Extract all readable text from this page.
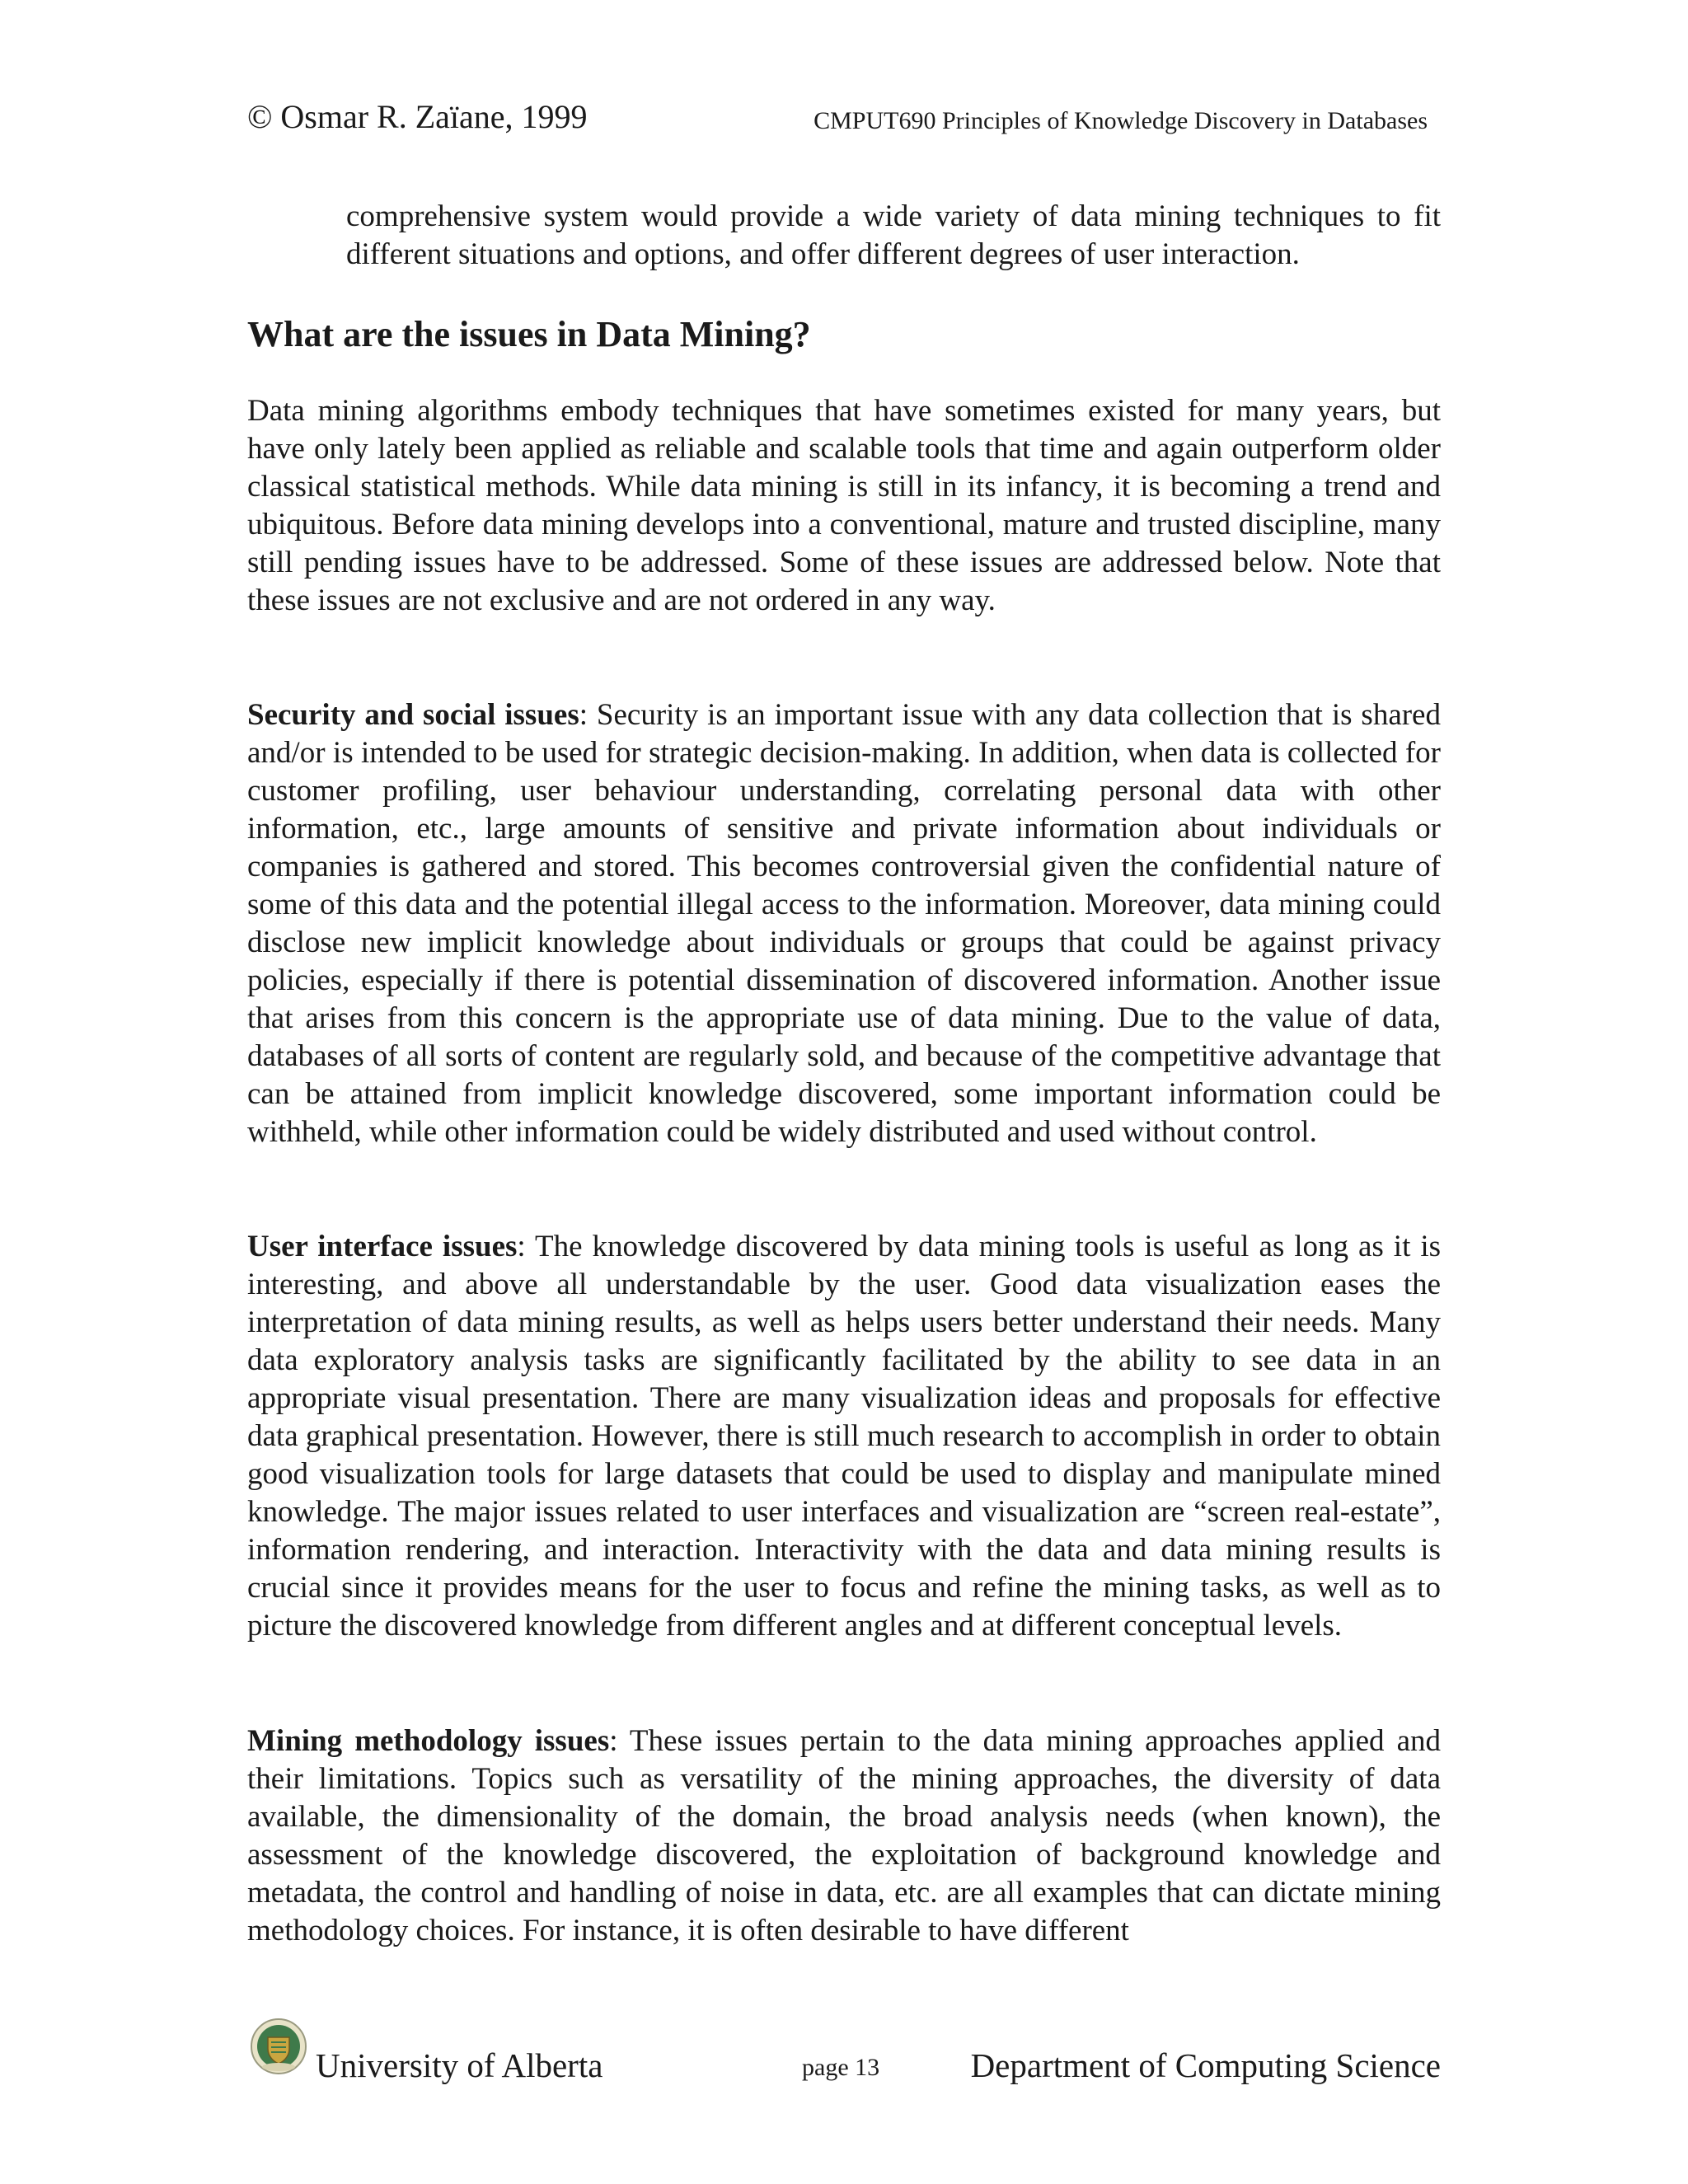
© Osmar R. Zaïane, 1999	CMPUT690 Principles of Knowledge Discovery in Databases

comprehensive system would provide a wide variety of data mining techniques to fit different situations and options, and offer different degrees of user interaction.

What are the issues in Data Mining?

Data mining algorithms embody techniques that have sometimes existed for many years, but have only lately been applied as reliable and scalable tools that time and again outperform older classical statistical methods. While data mining is still in its infancy, it is becoming a trend and ubiquitous. Before data mining develops into a conventional, mature and trusted discipline, many still pending issues have to be addressed. Some of these issues are addressed below. Note that these issues are not exclusive and are not ordered in any way.

Security and social issues: Security is an important issue with any data collection that is shared and/or is intended to be used for strategic decision-making. In addition, when data is collected for customer profiling, user behaviour understanding, correlating personal data with other information, etc., large amounts of sensitive and private information about individuals or companies is gathered and stored. This becomes controversial given the confidential nature of some of this data and the potential illegal access to the information. Moreover, data mining could disclose new implicit knowledge about individuals or groups that could be against privacy policies, especially if there is potential dissemination of discovered information. Another issue that arises from this concern is the appropriate use of data mining. Due to the value of data, databases of all sorts of content are regularly sold, and because of the competitive advantage that can be attained from implicit knowledge discovered, some important information could be withheld, while other information could be widely distributed and used without control.

User interface issues: The knowledge discovered by data mining tools is useful as long as it is interesting, and above all understandable by the user. Good data visualization eases the interpretation of data mining results, as well as helps users better understand their needs. Many data exploratory analysis tasks are significantly facilitated by the ability to see data in an appropriate visual presentation. There are many visualization ideas and proposals for effective data graphical presentation. However, there is still much research to accomplish in order to obtain good visualization tools for large datasets that could be used to display and manipulate mined knowledge. The major issues related to user interfaces and visualization are “screen real-estate”, information rendering, and interaction. Interactivity with the data and data mining results is crucial since it provides means for the user to focus and refine the mining tasks, as well as to picture the discovered knowledge from different angles and at different conceptual levels.

Mining methodology issues: These issues pertain to the data mining approaches applied and their limitations. Topics such as versatility of the mining approaches, the diversity of data available, the dimensionality of the domain, the broad analysis needs (when known), the assessment of the knowledge discovered, the exploitation of background knowledge and metadata, the control and handling of noise in data, etc. are all examples that can dictate mining methodology choices. For instance, it is often desirable to have different

University of Alberta	page 13	Department of Computing Science
